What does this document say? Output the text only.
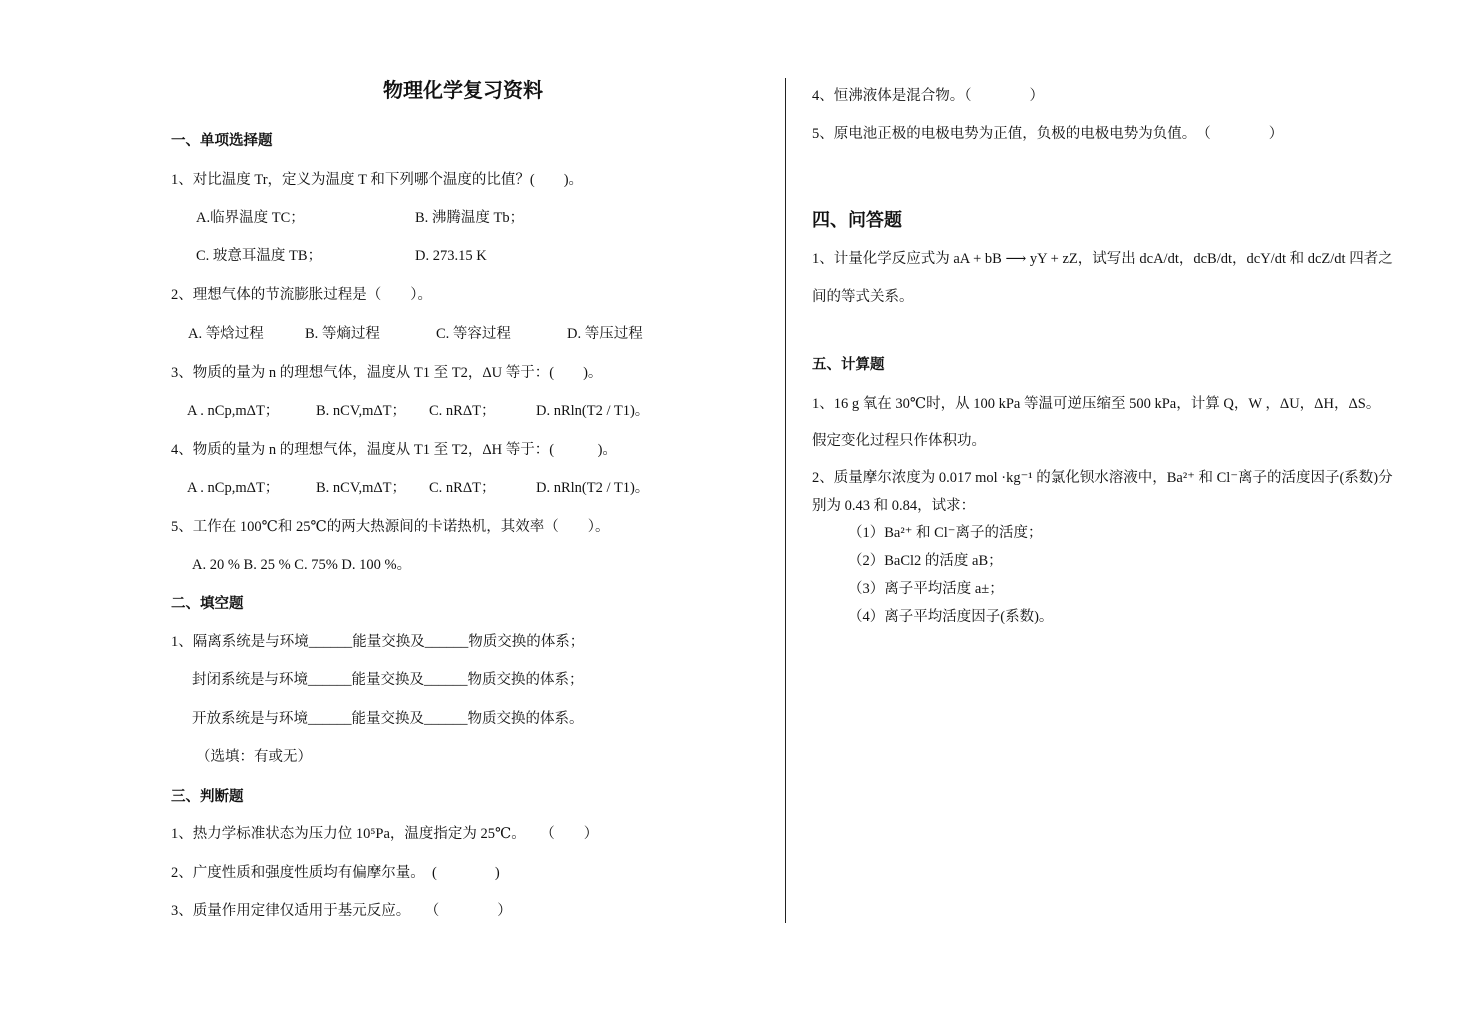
物理化学复习资料
一、单项选择题
1、对比温度 Tr，定义为温度 T 和下列哪个温度的比值？(　　)。
A.临界温度 TC；	B. 沸腾温度 Tb；
C. 玻意耳温度 TB；	D. 273.15 K
2、理想气体的节流膨胀过程是（　　）。
A. 等焓过程	B. 等熵过程	C. 等容过程	D. 等压过程
3、物质的量为 n 的理想气体，温度从 T1 至 T2，ΔU 等于：(　　)。
A . nCp,mΔT；	B. nCV,mΔT； C. nRΔT；	D. nRln(T2 / T1)。
4、物质的量为 n 的理想气体，温度从 T1 至 T2，ΔH 等于：(　　　)。
A . nCp,mΔT；	B. nCV,mΔT； C. nRΔT；	D. nRln(T2 / T1)。
5、工作在 100℃和 25℃的两大热源间的卡诺热机，其效率（　　）。
A. 20 % B. 25 % C. 75% D. 100 %。
二、填空题
1、隔离系统是与环境______能量交换及______物质交换的体系；
封闭系统是与环境______能量交换及______物质交换的体系；
开放系统是与环境______能量交换及______物质交换的体系。
（选填：有或无）
三、判断题
1、热力学标准状态为压力位 10⁵Pa，温度指定为 25℃。　　（　　）
2、广度性质和强度性质均有偏摩尔量。　(　　　　)
3、质量作用定律仅适用于基元反应。　　（　　　　）
4、恒沸液体是混合物。（　　　　）
5、原电池正极的电极电势为正值，负极的电极电势为负值。　（　　　　）
四、问答题
1、计量化学反应式为 aA + bB ⟶ yY + zZ，试写出 dcA/dt，dcB/dt，dcY/dt 和 dcZ/dt 四者之
间的等式关系。
五、计算题
1、16 g 氧在 30℃时，从 100 kPa 等温可逆压缩至 500 kPa，计算 Q，W ，ΔU，ΔH，ΔS。
假定变化过程只作体积功。
2、质量摩尔浓度为 0.017 mol ·kg⁻¹ 的氯化钡水溶液中，Ba²⁺ 和 Cl⁻离子的活度因子(系数)分
别为 0.43 和 0.84，试求：
（1）Ba²⁺ 和 Cl⁻离子的活度；
（2）BaCl2 的活度 aB；
（3）离子平均活度 a±；
（4）离子平均活度因子(系数)。
